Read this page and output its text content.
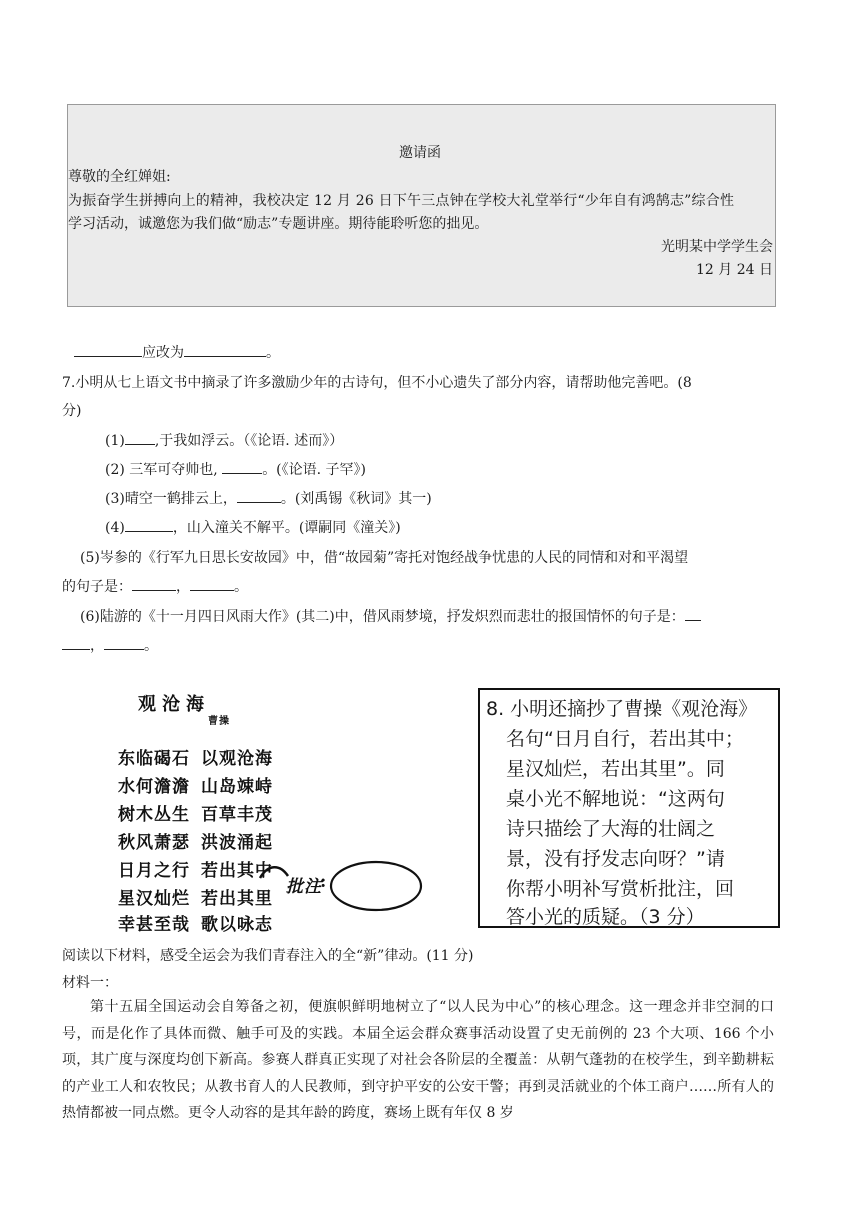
邀请函
尊敬的全红婵姐:
为振奋学生拼搏向上的精神，我校决定 12 月 26 日下午三点钟在学校大礼堂举行“少年自有鸿鹄志”综合性
学习活动，诚邀您为我们做“励志”专题讲座。期待能聆听您的拙见。
光明某中学学生会
12 月 24 日
应改为	。
7.小明从七上语文书中摘录了许多激励少年的古诗句，但不小心遗失了部分内容，请帮助他完善吧。(8
分)
(1) ,于我如浮云。（《论语. 述而》）
(2) 三军可夺帅也,	。(《论语. 子罕》)
(3)晴空一鹤排云上，	。(刘禹锡《秋词》其一)
(4)	，山入潼关不解平。(谭嗣同《潼关》)
(5)岑参的《行军九日思长安故园》中，借“故园菊”寄托对饱经战争忧患的人民的同情和对和平渴望
的句子是：	，	。
(6)陆游的《十一月四日风雨大作》(其二)中，借风雨梦境，抒发炽烈而悲壮的报国情怀的句子是：
，	。
观沧海
曹操
东临碣石 以观沧海
水何澹澹 山岛竦峙
树木丛生 百草丰茂
秋风萧瑟 洪波涌起
日月之行 若出其中
星汉灿烂 若出其里
幸甚至哉 歌以咏志
批注
:
8. 小明还摘抄了曹操《观沧海》
名句“日月自行，若出其中；
星汉灿烂，若出其里”。同
桌小光不解地说：“这两句
诗只描绘了大海的壮阔之
景，没有抒发志向呀？”请
你帮小明补写赏析批注，回
答小光的质疑。（3 分）
阅读以下材料，感受全运会为我们青春注入的全“新”律动。(11 分)
材料一：

第十五届全国运动会自筹备之初，便旗帜鲜明地树立了“以人民为中心”的核心理念。这一理念并非空洞的口号，而是化作了具体而微、触手可及的实践。本届全运会群众赛事活动设置了史无前例的 23 个大项、166 个小项，其广度与深度均创下新高。参赛人群真正实现了对社会各阶层的全覆盖：从朝气蓬勃的在校学生，到辛勤耕耘的产业工人和农牧民；从教书育人的人民教师，到守护平安的公安干警；再到灵活就业的个体工商户……所有人的热情都被一同点燃。更令人动容的是其年龄的跨度，赛场上既有年仅 8 岁
